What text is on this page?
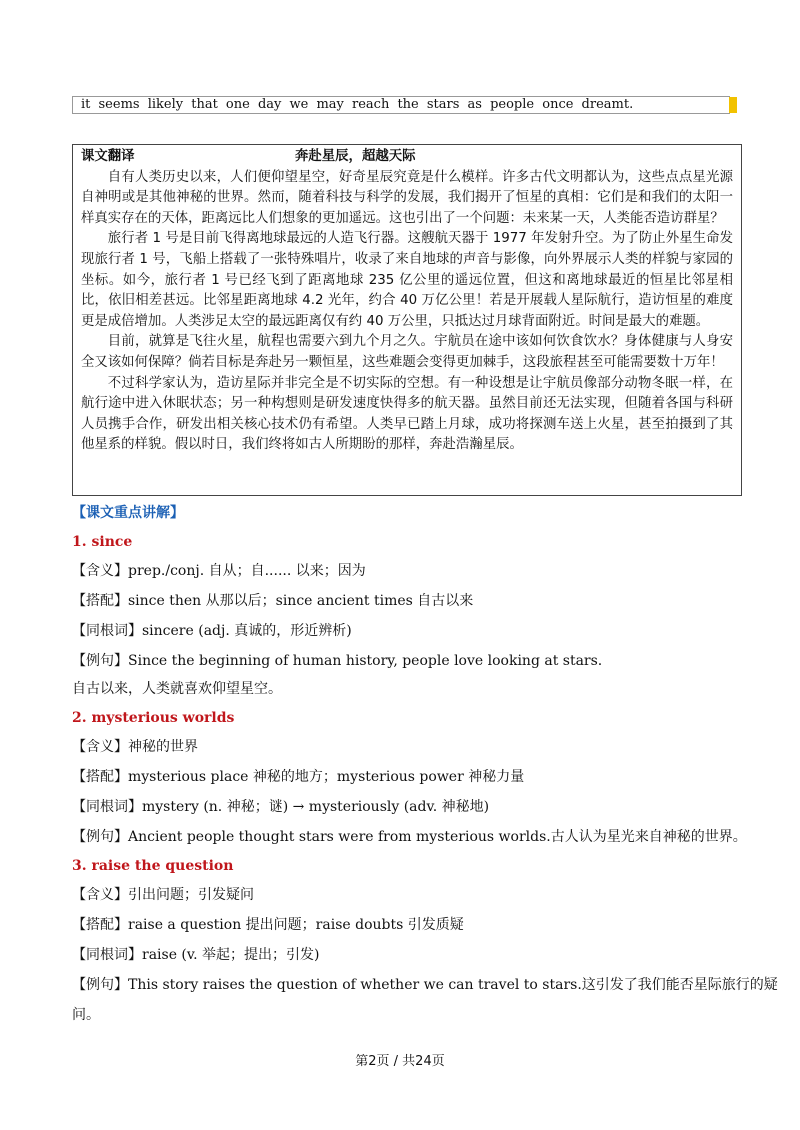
it seems likely that one day we may reach the stars as people once dreamt.
课文翻译	奔赴星辰，超越天际

自有人类历史以来，人们便仰望星空，好奇星辰究竟是什么模样。许多古代文明都认为，这些点点星光源自神明或是其他神秘的世界。然而，随着科技与科学的发展，我们揭开了恒星的真相：它们是和我们的太阳一样真实存在的天体，距离远比人们想象的更加遥远。这也引出了一个问题：未来某一天，人类能否造访群星？

旅行者 1 号是目前飞得离地球最远的人造飞行器。这艘航天器于 1977 年发射升空。为了防止外星生命发现旅行者 1 号，飞船上搭载了一张特殊唱片，收录了来自地球的声音与影像，向外界展示人类的样貌与家园的坐标。如今，旅行者 1 号已经飞到了距离地球 235 亿公里的遥远位置，但这和离地球最近的恒星比邻星相比，依旧相差甚远。比邻星距离地球 4.2 光年，约合 40 万亿公里！若是开展载人星际航行，造访恒星的难度更是成倍增加。人类涉足太空的最远距离仅有约 40 万公里，只抵达过月球背面附近。时间是最大的难题。

目前，就算是飞往火星，航程也需要六到九个月之久。宇航员在途中该如何饮食饮水？身体健康与人身安全又该如何保障？倘若目标是奔赴另一颗恒星，这些难题会变得更加棘手，这段旅程甚至可能需要数十万年！

不过科学家认为，造访星际并非完全是不切实际的空想。有一种设想是让宇航员像部分动物冬眠一样，在航行途中进入休眠状态；另一种构想则是研发速度快得多的航天器。虽然目前还无法实现，但随着各国与科研人员携手合作，研发出相关核心技术仍有希望。人类早已踏上月球，成功将探测车送上火星，甚至拍摄到了其他星系的样貌。假以时日，我们终将如古人所期盼的那样，奔赴浩瀚星辰。

【课文重点讲解】
1. since
【含义】prep./conj. 自从；自...... 以来；因为
【搭配】since then 从那以后；since ancient times 自古以来
【同根词】sincere (adj. 真诚的，形近辨析)
【例句】Since the beginning of human history, people love looking at stars.
自古以来，人类就喜欢仰望星空。
2. mysterious worlds
【含义】神秘的世界
【搭配】mysterious place 神秘的地方；mysterious power 神秘力量
【同根词】mystery (n. 神秘；谜) → mysteriously (adv. 神秘地)
【例句】Ancient people thought stars were from mysterious worlds.古人认为星光来自神秘的世界。
3. raise the question
【含义】引出问题；引发疑问
【搭配】raise a question 提出问题；raise doubts 引发质疑
【同根词】raise (v. 举起；提出；引发)
【例句】This story raises the question of whether we can travel to stars.这引发了我们能否星际旅行的疑
问。
第2页 / 共24页
